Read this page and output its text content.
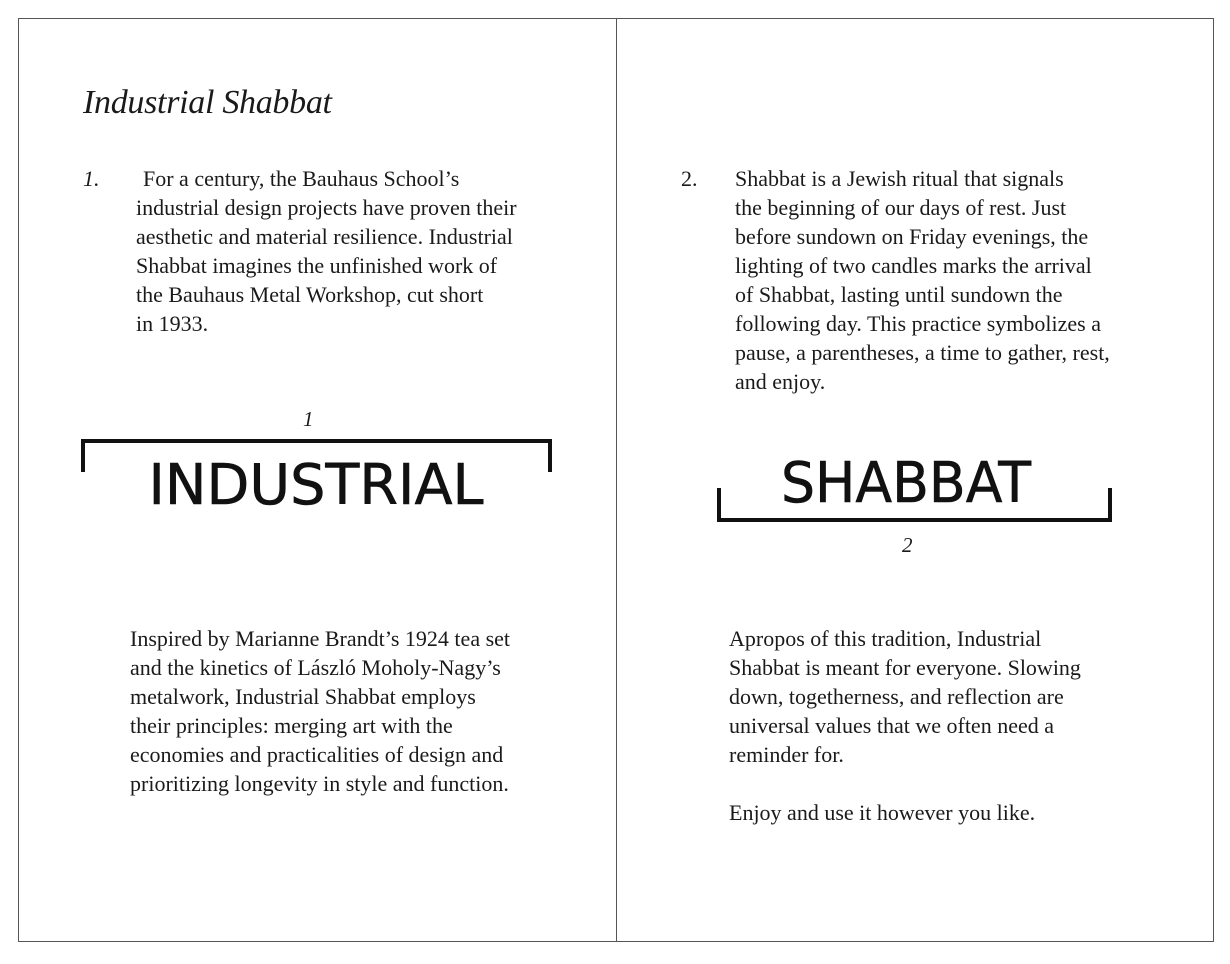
Industrial Shabbat
1.	For a century, the Bauhaus School’s
industrial design projects have proven their
aesthetic and material resilience. Industrial
Shabbat imagines the unfinished work of
the Bauhaus Metal Workshop, cut short
in 1933.

1
INDUSTRIAL

Inspired by Marianne Brandt’s 1924 tea set
and the kinetics of László Moholy-Nagy’s
metalwork, Industrial Shabbat employs
their principles: merging art with the
economies and practicalities of design and
prioritizing longevity in style and function.

2. Shabbat is a Jewish ritual that signals
the beginning of our days of rest. Just
before sundown on Friday evenings, the
lighting of two candles marks the arrival
of Shabbat, lasting until sundown the
following day. This practice symbolizes a
pause, a parentheses, a time to gather, rest,
and enjoy.

SHABBAT
2

Apropos of this tradition, Industrial
Shabbat is meant for everyone. Slowing
down, togetherness, and reflection are
universal values that we often need a
reminder for.

Enjoy and use it however you like.
